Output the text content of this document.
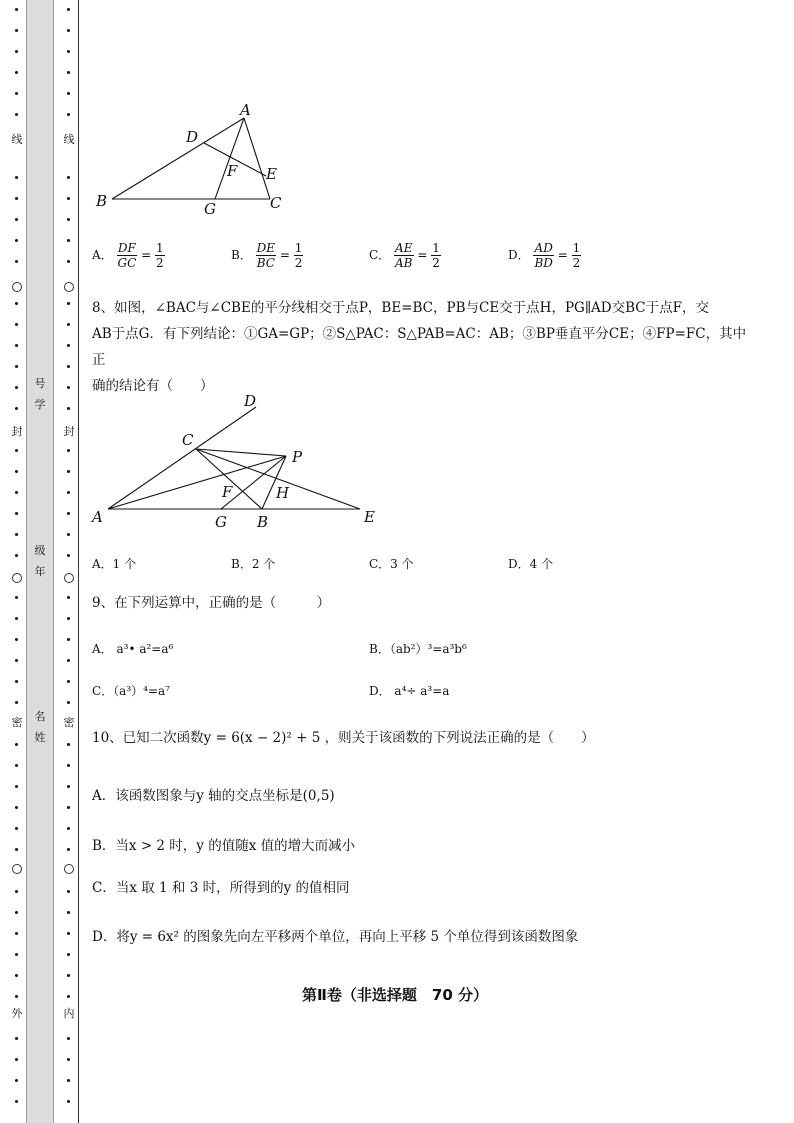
线
封
密
外
线
封
密
内
号
学
级
年
名
姓
A
D
F E
B	G	C
A． $\frac{DF}{GC} = \frac{1}{2}$	B． $\frac{DE}{BC} = \frac{1}{2}$	C． $\frac{AE}{AB} = \frac{1}{2}$	D． $\frac{AD}{BD} = \frac{1}{2}$
8、如图，∠BAC与∠CBE的平分线相交于点P，BE=BC，PB与CE交于点H，PG∥AD交BC于点F，交
AB于点G．有下列结论：①GA=GP；②S△PAC：S△PAB=AC：AB；③BP垂直平分CE；④FP=FC，其中正
确的结论有（　　）
D
C
P
F	H
A	G B	E
A．1 个	B．2 个	C．3 个	D．4 个
9、在下列运算中，正确的是（　　　）
A． a³• a²=a⁶	B．（ab²）³=a³b⁶
C．（a³）⁴=a⁷	D． a⁴÷ a³=a
10、已知二次函数y = 6(x − 2)² + 5 ，则关于该函数的下列说法正确的是（　　）
A．该函数图象与y 轴的交点坐标是(0,5)
B．当x > 2 时，y 的值随x 值的增大而减小
C．当x 取 1 和 3 时，所得到的y 的值相同
D．将y = 6x² 的图象先向左平移两个单位，再向上平移 5 个单位得到该函数图象
第Ⅱ卷（非选择题　70 分）
